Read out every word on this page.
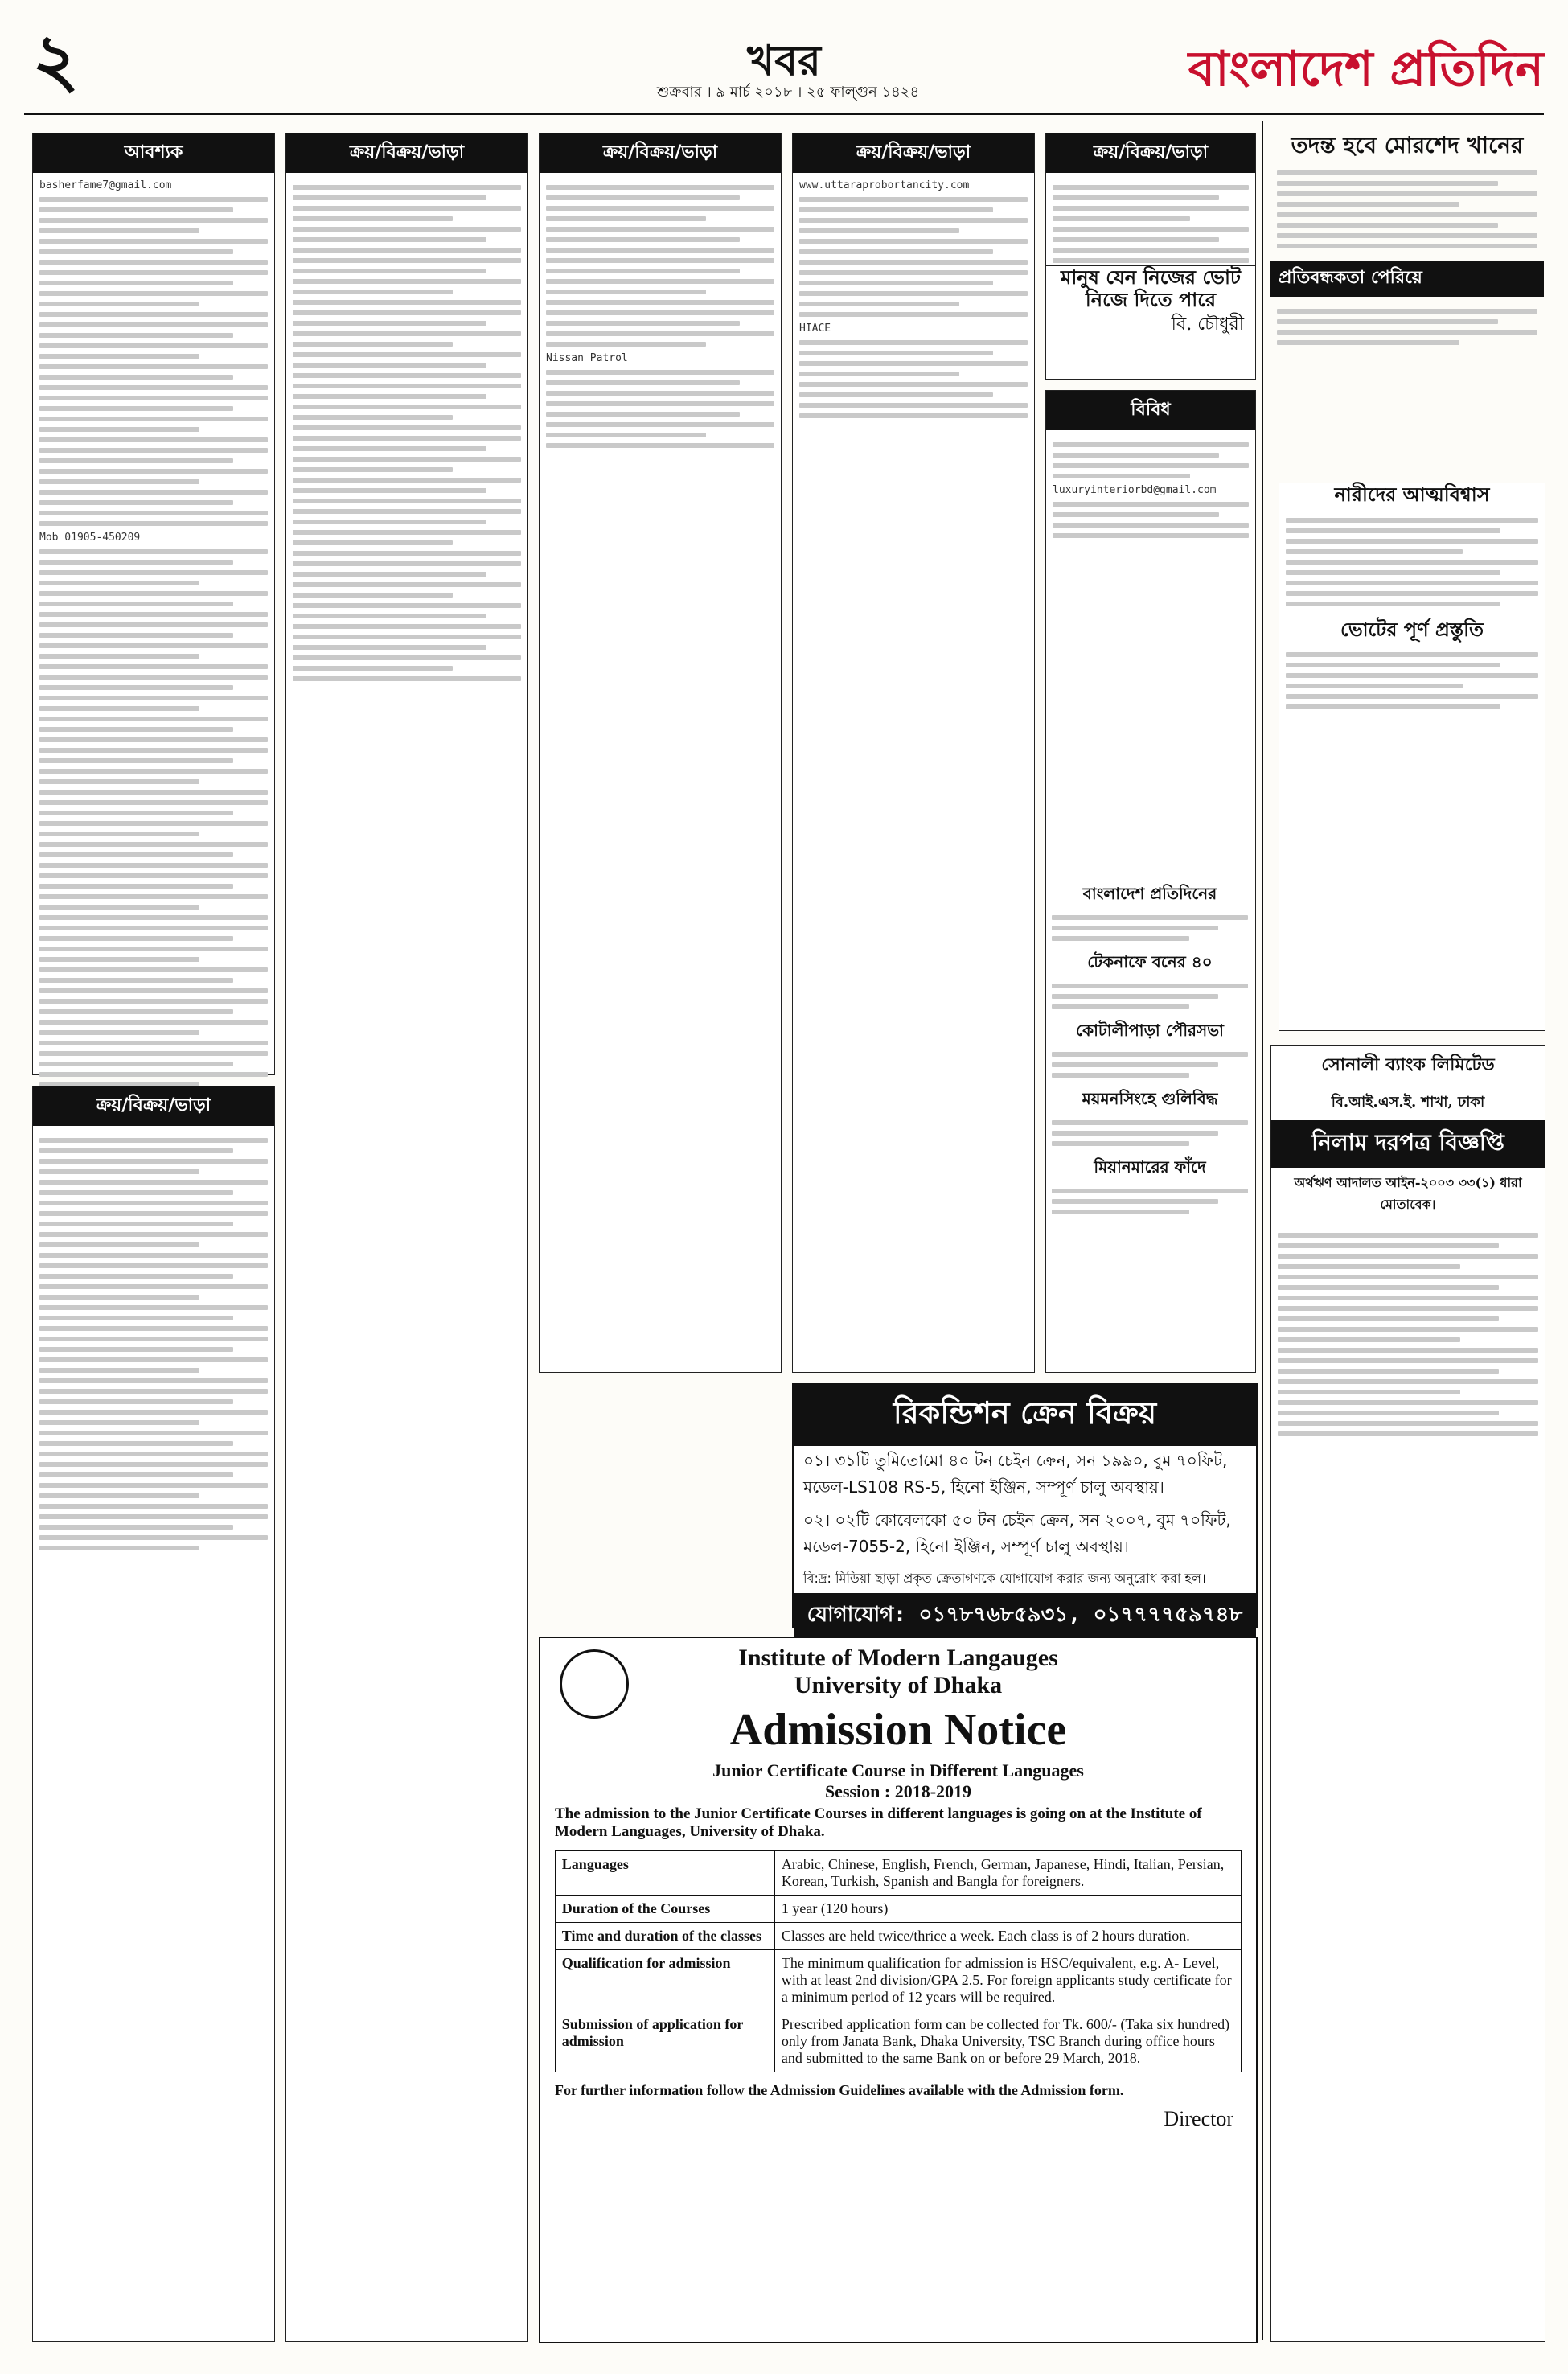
২	খবর
শুক্রবার । ৯ মার্চ ২০১৮ । ২৫ ফাল্গুন ১৪২৪	বাংলাদেশ প্রতিদিন
আবশ্যক
basherfame7@gmail.com
Mob 01905-450209
ক্রয়/বিক্রয়/ভাড়া
ক্রয়/বিক্রয়/ভাড়া	ক্রয়/বিক্রয়/ভাড়া
Nissan Patrol
ক্রয়/বিক্রয়/ভাড়া
www.uttaraprobortancity.com
HIACE
ক্রয়/বিক্রয়/ভাড়া
বিবিধ
luxuryinteriorbd@gmail.com
তদন্ত হবে মোরশেদ খানের
প্রতিবন্ধকতা পেরিয়ে
নারীদের আত্মবিশ্বাস
ভোটের পূর্ণ প্রস্তুতি
সোনালী ব্যাংক লিমিটেড
বি.আই.এস.ই. শাখা, ঢাকা
নিলাম দরপত্র বিজ্ঞপ্তি
অর্থঋণ আদালত আইন-২০০৩ ৩৩(১) ধারা মোতাবেক।
রিকন্ডিশন ক্রেন বিক্রয়
০১। ৩১টি তুমিতোমো ৪০ টন চেইন ক্রেন, সন ১৯৯০, বুম ৭০ফিট, মডেল-LS108 RS-5, হিনো ইঞ্জিন, সম্পূর্ণ চালু অবস্থায়।
০২। ০২টি কোবেলকো ৫০ টন চেইন ক্রেন, সন ২০০৭, বুম ৭০ফিট, মডেল-7055-2, হিনো ইঞ্জিন, সম্পূর্ণ চালু অবস্থায়।
বি:দ্র: মিডিয়া ছাড়া প্রকৃত ক্রেতাগণকে যোগাযোগ করার জন্য অনুরোধ করা হল।
যোগাযোগ: ০১৭৮৭৬৮৫৯৩১, ০১৭৭৭৭৫৯৭৪৮
Institute of Modern Langauges
University of Dhaka
Admission Notice
Junior Certificate Course in Different Languages
Session : 2018-2019
The admission to the Junior Certificate Courses in different languages is going on at the Institute of Modern Languages, University of Dhaka.
Languages	Arabic, Chinese, English, French, German, Japanese, Hindi, Italian, Persian, Korean, Turkish, Spanish and Bangla for foreigners.
Duration of the Courses	1 year (120 hours)
Time and duration of the classes	Classes are held twice/thrice a week. Each class is of 2 hours duration.
Qualification for admission	The minimum qualification for admission is HSC/equivalent, e.g. A- Level, with at least 2nd division/GPA 2.5. For foreign applicants study certificate for a minimum period of 12 years will be required.
Submission of application for admission	Prescribed application form can be collected for Tk. 600/- (Taka six hundred) only from Janata Bank, Dhaka University, TSC Branch during office hours and submitted to the same Bank on or before 29 March, 2018.
For further information follow the Admission Guidelines available with the Admission form.
Director
বাংলাদেশ প্রতিদিনের
টেকনাফে বনের ৪০
কোটালীপাড়া পৌরসভা
ময়মনসিংহে গুলিবিদ্ধ
মিয়ানমারের ফাঁদে
মানুষ যেন নিজের ভোট নিজে দিতে পারে
বি. চৌধুরী
